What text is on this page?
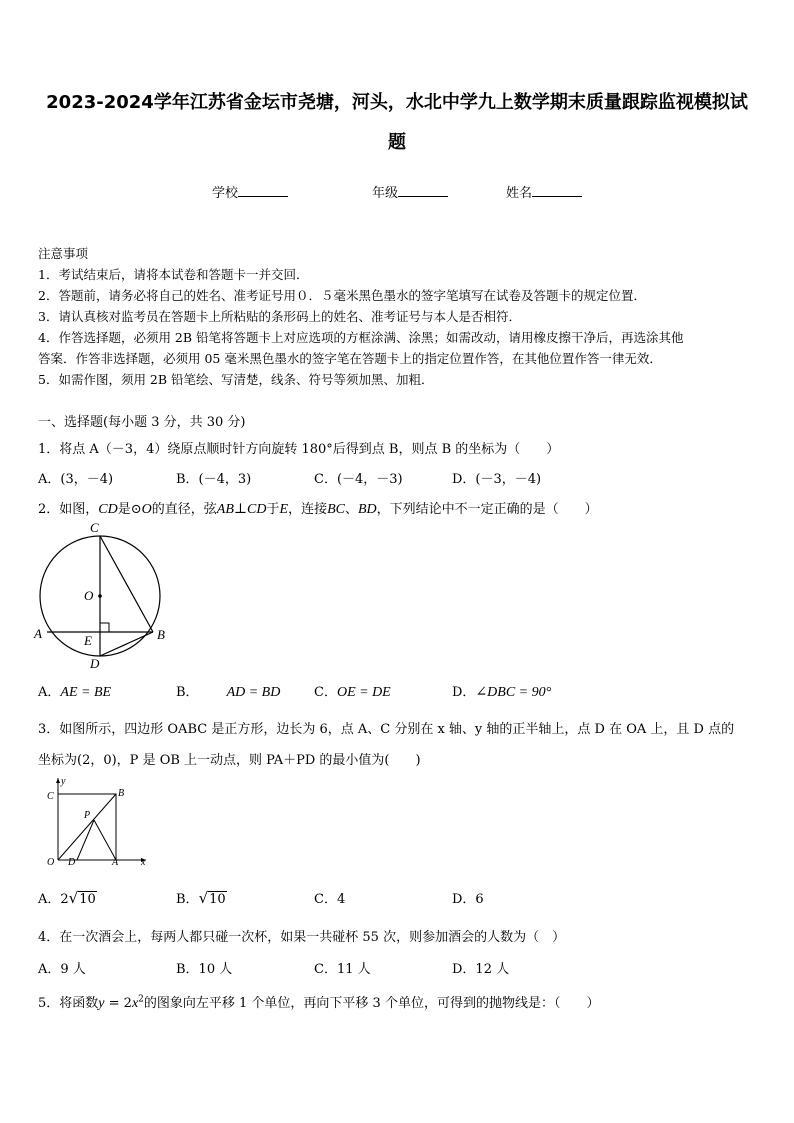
2023-2024学年江苏省金坛市尧塘，河头，水北中学九上数学期末质量跟踪监视模拟试
题
学校	年级	姓名
注意事项
1．考试结束后，请将本试卷和答题卡一并交回．
2．答题前，请务必将自己的姓名、准考证号用０．５毫米黑色墨水的签字笔填写在试卷及答题卡的规定位置．
3．请认真核对监考员在答题卡上所粘贴的条形码上的姓名、准考证号与本人是否相符．
4．作答选择题，必须用 2B 铅笔将答题卡上对应选项的方框涂满、涂黑；如需改动，请用橡皮擦干净后，再选涂其他
答案．作答非选择题，必须用 05 毫米黑色墨水的签字笔在答题卡上的指定位置作答，在其他位置作答一律无效．
5．如需作图，须用 2B 铅笔绘、写清楚，线条、符号等须加黑、加粗．
一、选择题(每小题 3 分，共 30 分)
1．将点 A（－3，4）绕原点顺时针方向旋转 180°后得到点 B，则点 B 的坐标为（　　）
A．(3，－4)	B．(－4，3)	C．(－4，－3)	D．(－3，－4)
2．如图，CD是⊙O的直径，弦AB⊥CD于E，连接BC、BD，下列结论中不一定正确的是（　　）
C
O
A	E	B
D
A．AE = BE	B． AD = BD	C．OE = DE	D．∠DBC = 90°
3．如图所示，四边形 OABC 是正方形，边长为 6，点 A、C 分别在 x 轴、y 轴的正半轴上，点 D 在 OA 上，且 D 点的
坐标为(2，0)，P 是 OB 上一动点，则 PA＋PD 的最小值为(　　)
y
C	B
P
O D	A x
A．2√10	B．√10	C．4	D．6
4．在一次酒会上，每两人都只碰一次杯，如果一共碰杯 55 次，则参加酒会的人数为（　）
A．9 人	B．10 人	C．11 人	D．12 人
5．将函数$y = 2x^2$的图象向左平移 1 个单位，再向下平移 3 个单位，可得到的抛物线是：（　　）
